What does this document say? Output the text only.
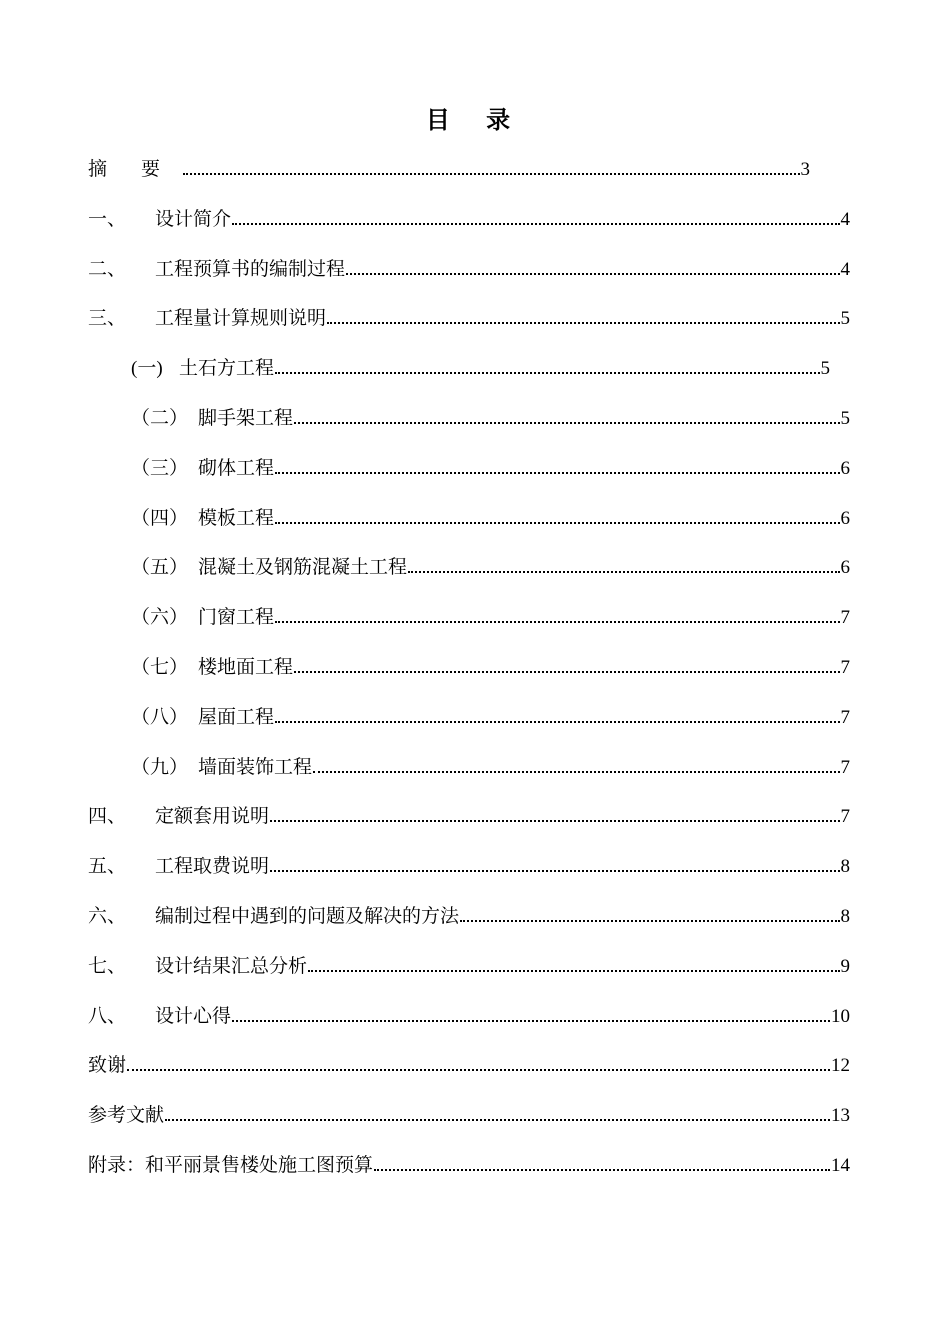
目 录
摘 要	3
一、	设计简介	4
二、	工程预算书的编制过程	4
三、	工程量计算规则说明	5
(一) 土石方工程	5
（二） 脚手架工程	5
（三） 砌体工程	6
（四） 模板工程	6
（五） 混凝土及钢筋混凝土工程	6
（六） 门窗工程	7
（七） 楼地面工程	7
（八） 屋面工程	7
（九） 墙面装饰工程	7
四、	定额套用说明	7
五、	工程取费说明	8
六、	编制过程中遇到的问题及解决的方法	8
七、	设计结果汇总分析	9
八、	设计心得	10
致谢	12
参考文献	13
附录：和平丽景售楼处施工图预算	14
